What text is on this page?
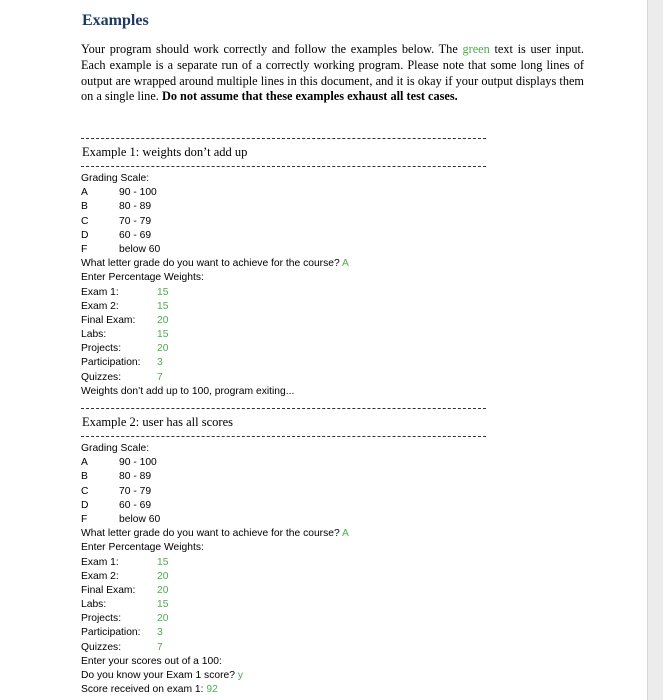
Examples
Your program should work correctly and follow the examples below. The green text is user input. Each example is a separate run of a correctly working program. Please note that some long lines of output are wrapped around multiple lines in this document, and it is okay if your output displays them on a single line. Do not assume that these examples exhaust all test cases.
Example 1: weights don’t add up
Grading Scale:
A	90 - 100
B	80 - 89
C	70 - 79
D	60 - 69
F	below 60
What letter grade do you want to achieve for the course? A
Enter Percentage Weights:
Exam 1:	15
Exam 2:	15
Final Exam: 20
Labs:	15
Projects:	20
Participation: 3
Quizzes:	7
Weights don’t add up to 100, program exiting...
Example 2: user has all scores
Grading Scale:
A	90 - 100
B	80 - 89
C	70 - 79
D	60 - 69
F	below 60
What letter grade do you want to achieve for the course? A
Enter Percentage Weights:
Exam 1:	15
Exam 2:	20
Final Exam: 20
Labs:	15
Projects:	20
Participation: 3
Quizzes:	7
Enter your scores out of a 100:
Do you know your Exam 1 score? y
Score received on exam 1: 92
